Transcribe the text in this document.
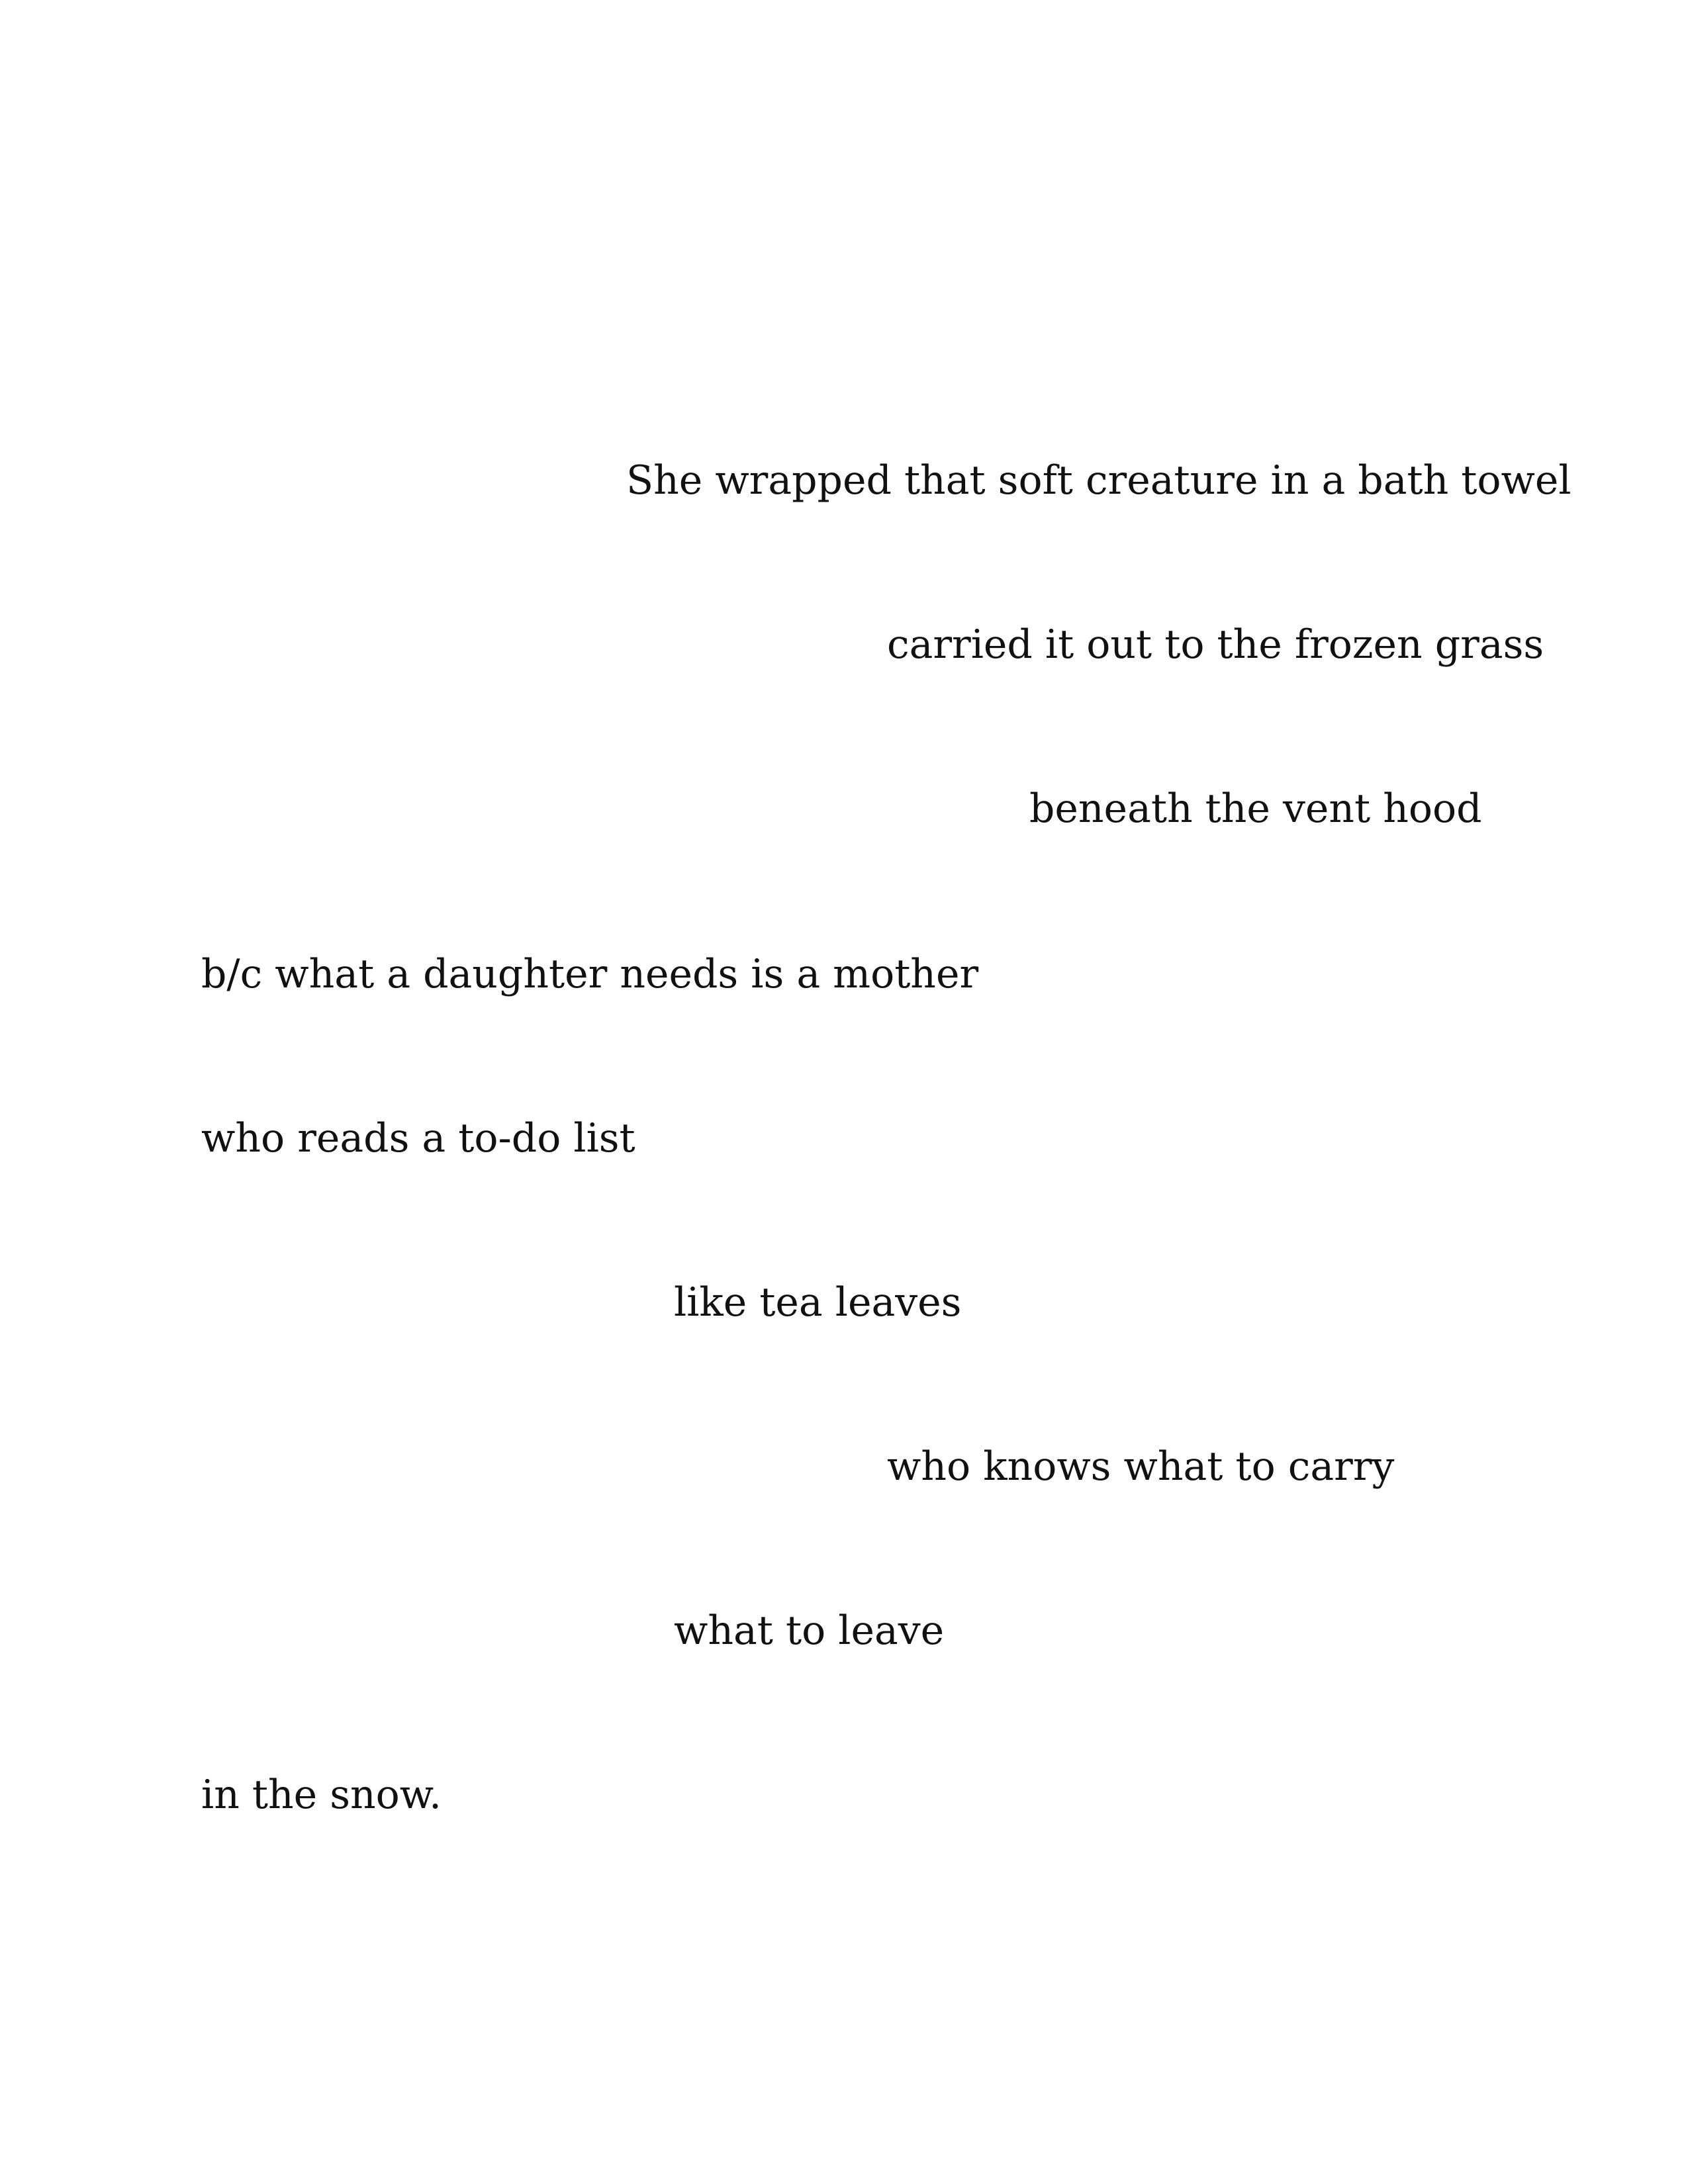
She wrapped that soft creature in a bath towel

carried it out to the frozen grass

beneath the vent hood

b/c what a daughter needs is a mother

who reads a to-do list

like tea leaves

who knows what to carry

what to leave

in the snow.
